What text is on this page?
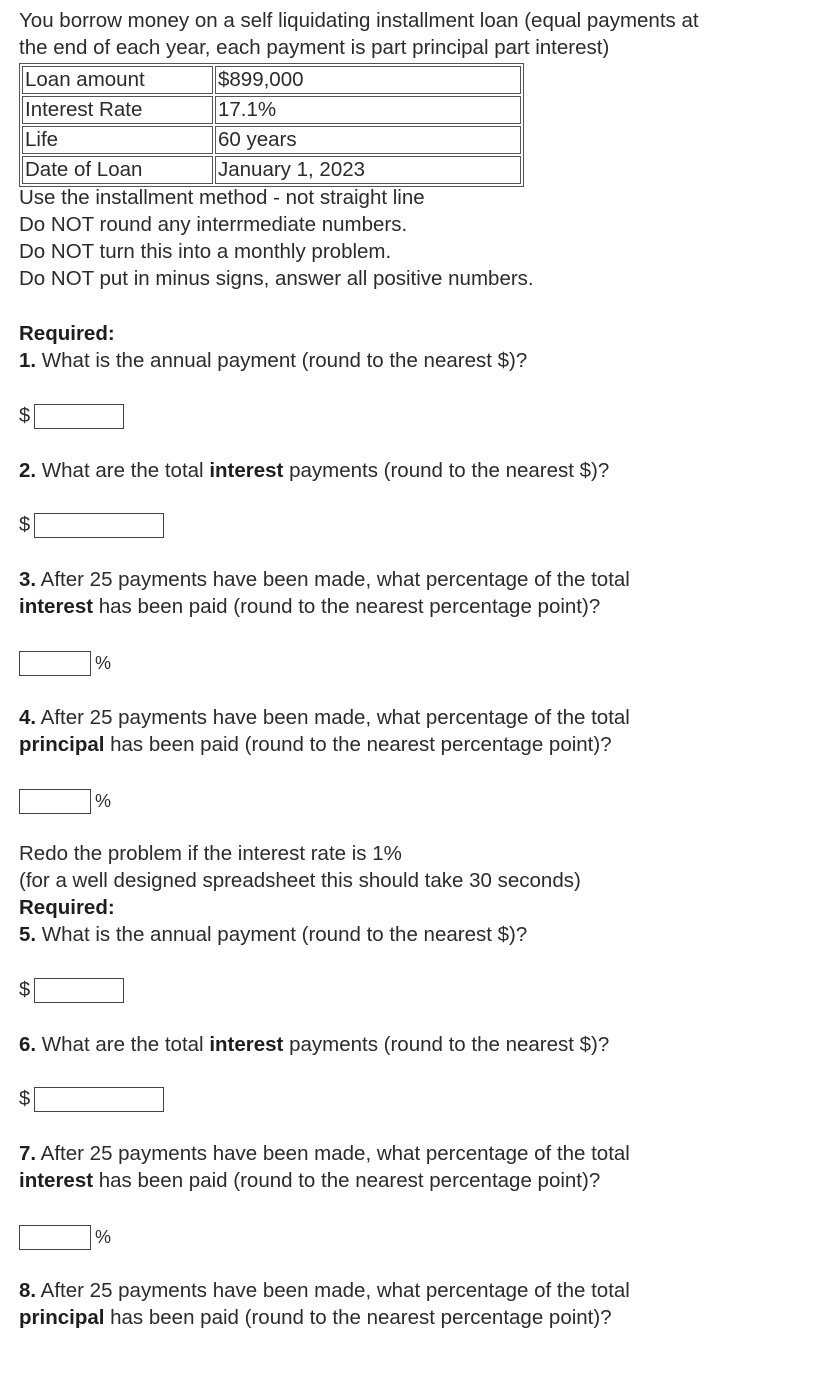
You borrow money on a self liquidating installment loan (equal payments at
the end of each year, each payment is part principal part interest)
Loan amount	$899,000
Interest Rate	17.1%
Life	60 years
Date of Loan	January 1, 2023
Use the installment method - not straight line
Do NOT round any interrmediate numbers.
Do NOT turn this into a monthly problem.
Do NOT put in minus signs, answer all positive numbers.
Required:
1. What is the annual payment (round to the nearest $)?
$
2. What are the total interest payments (round to the nearest $)?
$
3. After 25 payments have been made, what percentage of the total
interest has been paid (round to the nearest percentage point)?
%
4. After 25 payments have been made, what percentage of the total
principal has been paid (round to the nearest percentage point)?
%
Redo the problem if the interest rate is 1%
(for a well designed spreadsheet this should take 30 seconds)
Required:
5. What is the annual payment (round to the nearest $)?
$
6. What are the total interest payments (round to the nearest $)?
$
7. After 25 payments have been made, what percentage of the total
interest has been paid (round to the nearest percentage point)?
%
8. After 25 payments have been made, what percentage of the total
principal has been paid (round to the nearest percentage point)?
